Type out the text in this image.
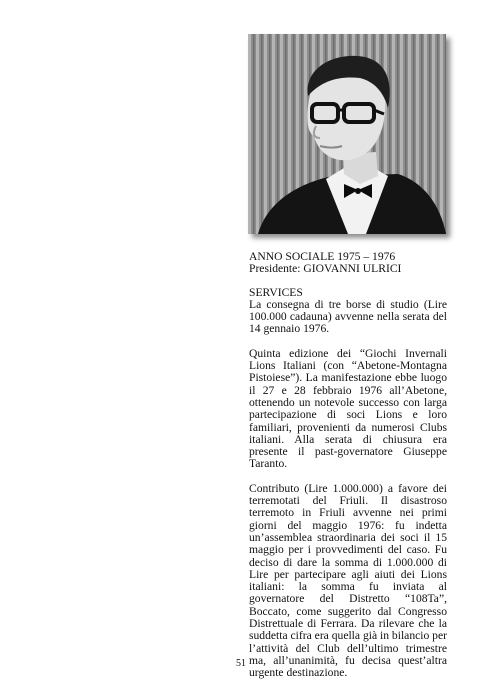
ANNO SOCIALE 1975 – 1976
Presidente: GIOVANNI ULRICI
SERVICES

La consegna di tre borse di studio (Lire 100.000 cadauna) avvenne nella serata del 14 gennaio 1976.

Quinta edizione dei “Giochi Invernali Lions Italiani (con “Abetone-Montagna Pistoiese”). La manifestazione ebbe luogo il 27 e 28 febbraio 1976 all’Abetone, ottenendo un notevole successo con larga partecipazione di soci Lions e loro familiari, provenienti da numerosi Clubs italiani. Alla serata di chiusura era presente il past-governatore Giuseppe Taranto.

Contributo (Lire 1.000.000) a favore dei terremotati del Friuli. Il disastroso terremoto in Friuli avvenne nei primi giorni del maggio 1976: fu indetta un’assemblea straordinaria dei soci il 15 maggio per i provvedimenti del caso. Fu deciso di dare la somma di 1.000.000 di Lire per partecipare agli aiuti dei Lions italiani: la somma fu inviata al governatore del Distretto “108Ta”, Boccato, come suggerito dal Congresso Distrettuale di Ferrara. Da rilevare che la suddetta cifra era quella già in bilancio per l’attività del Club dell’ultimo trimestre ma, all’unanimità, fu decisa quest’altra urgente destinazione.

51
